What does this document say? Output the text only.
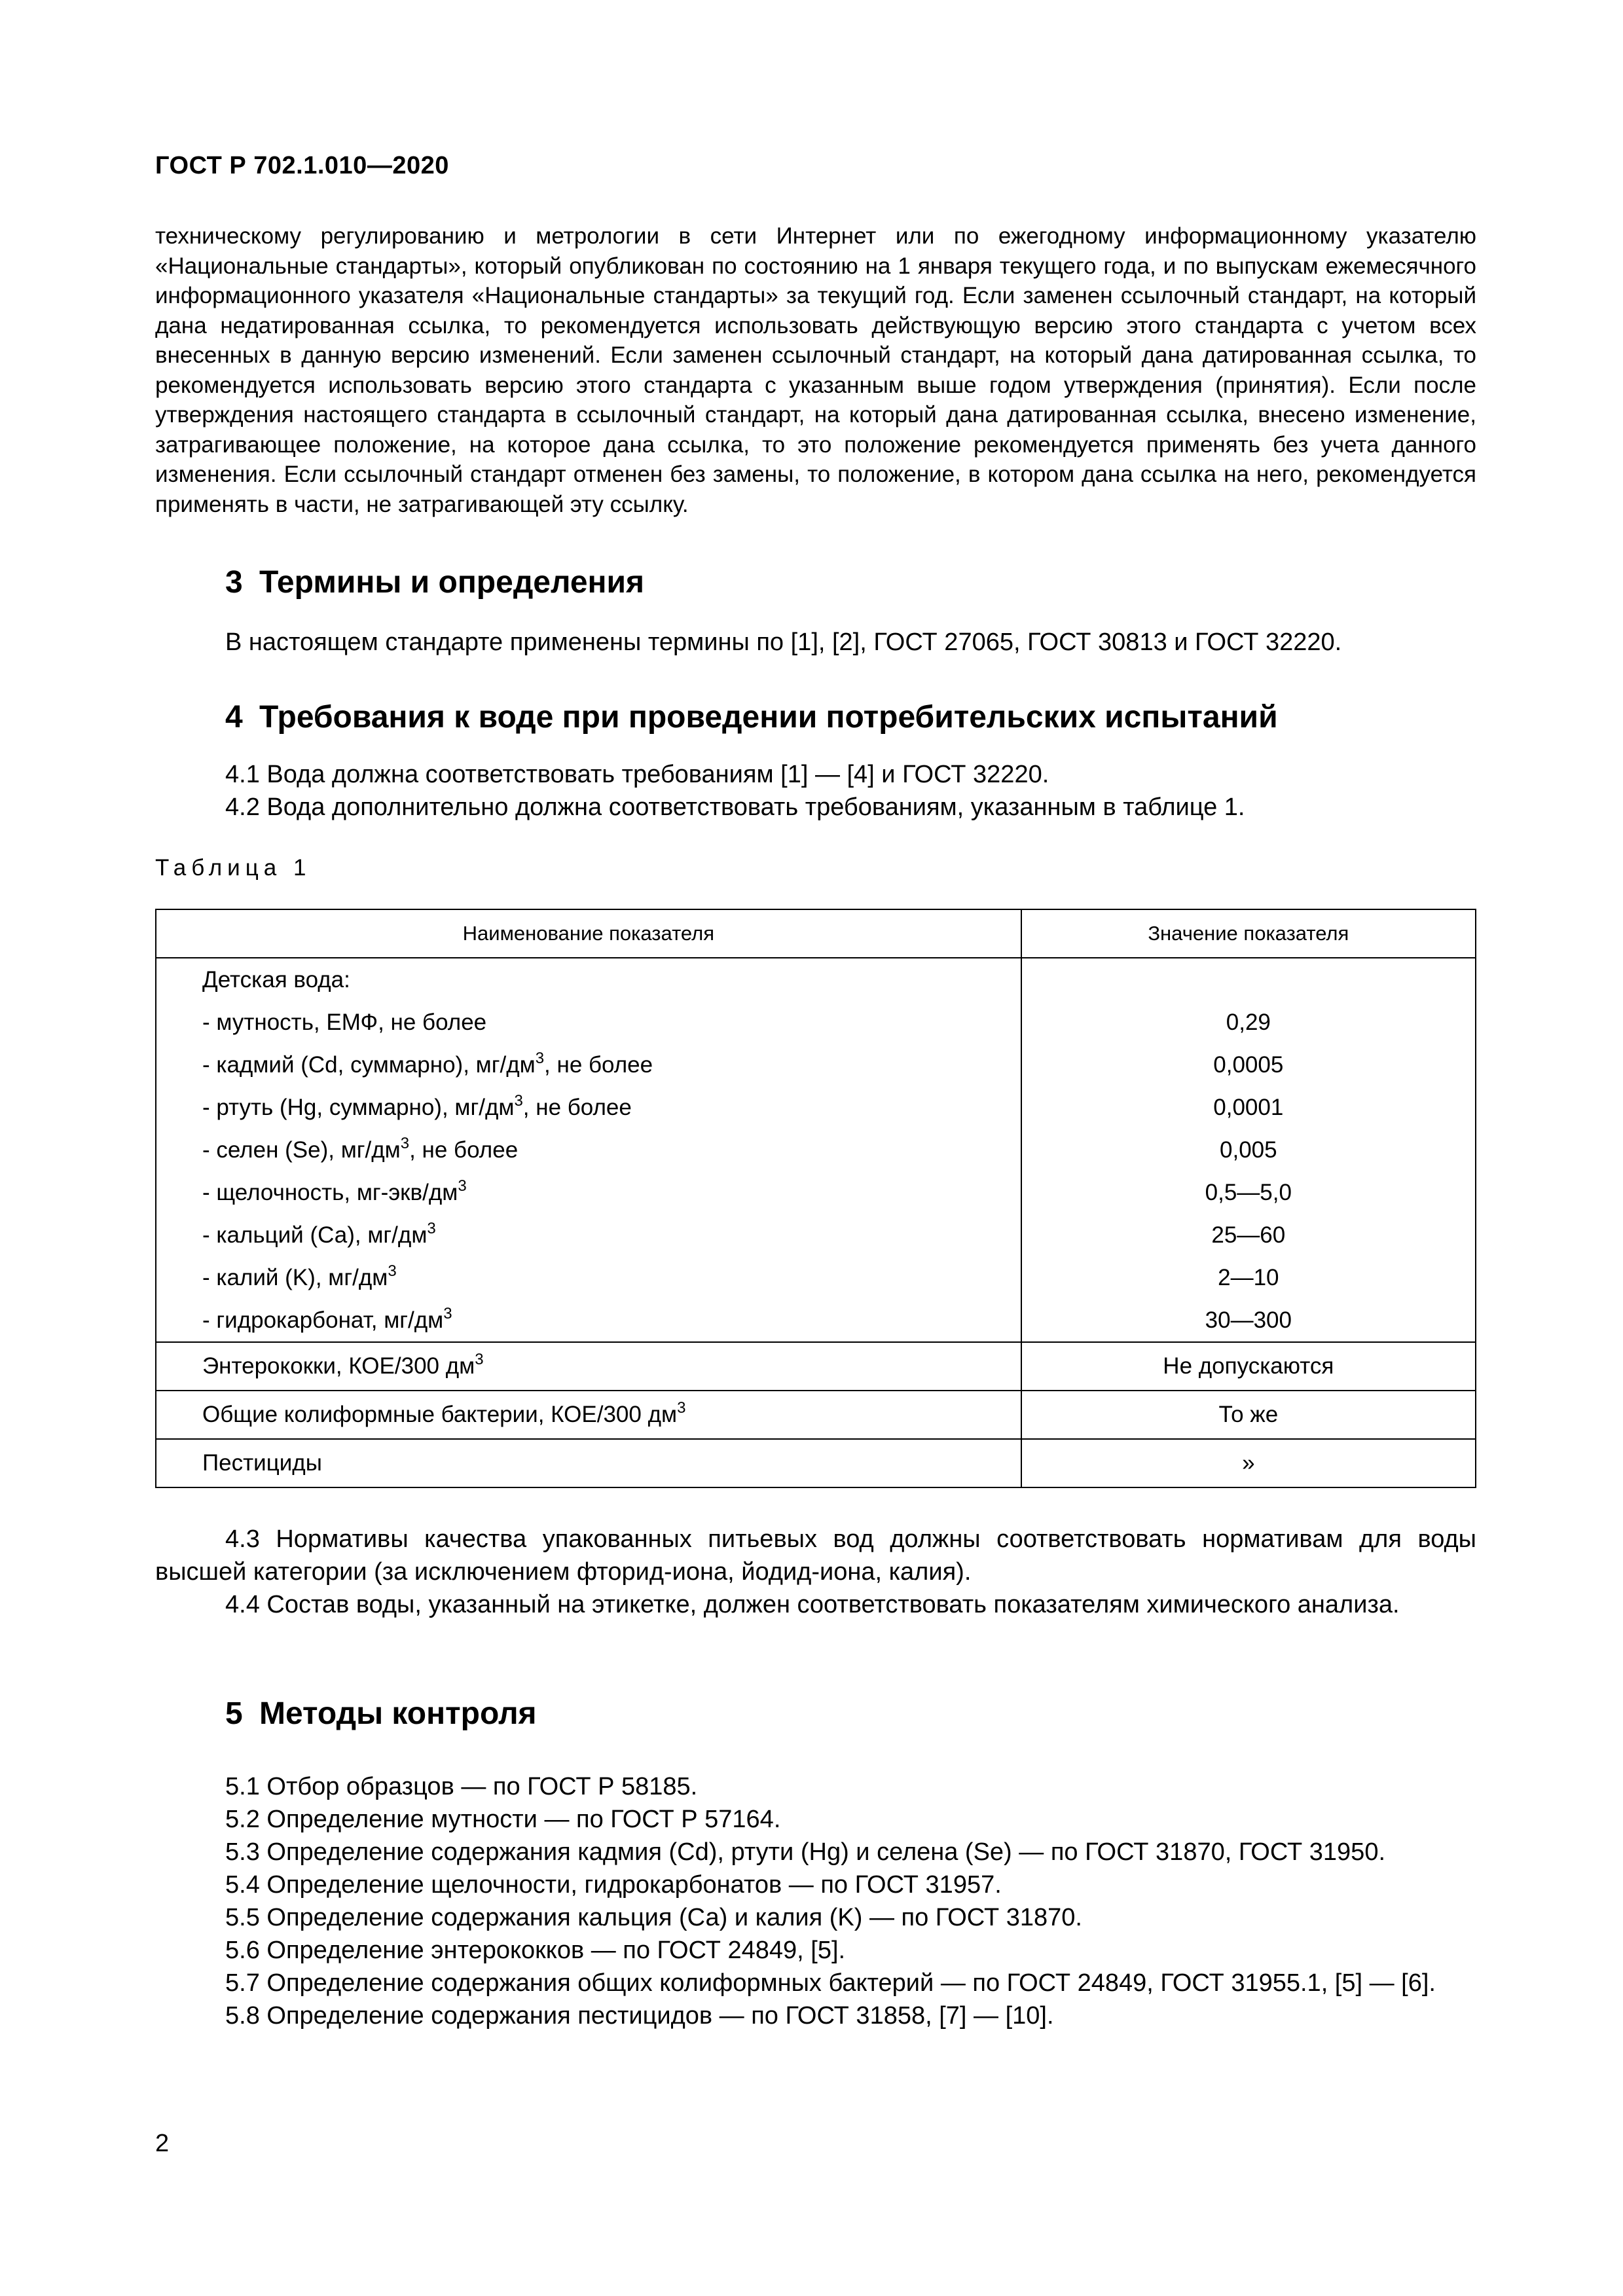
ГОСТ Р 702.1.010—2020

техническому регулированию и метрологии в сети Интернет или по ежегодному информационному указателю «Национальные стандарты», который опубликован по состоянию на 1 января текущего года, и по выпускам ежемесячного информационного указателя «Национальные стандарты» за текущий год. Если заменен ссылочный стандарт, на который дана недатированная ссылка, то рекомендуется использовать действующую версию этого стандарта с учетом всех внесенных в данную версию изменений. Если заменен ссылочный стандарт, на который дана датированная ссылка, то рекомендуется использовать версию этого стандарта с указанным выше годом утверждения (принятия). Если после утверждения настоящего стандарта в ссылочный стандарт, на который дана датированная ссылка, внесено изменение, затрагивающее положение, на которое дана ссылка, то это положение рекомендуется применять без учета данного изменения. Если ссылочный стандарт отменен без замены, то положение, в котором дана ссылка на него, рекомендуется применять в части, не затрагивающей эту ссылку.

3 Термины и определения

В настоящем стандарте применены термины по [1], [2], ГОСТ 27065, ГОСТ 30813 и ГОСТ 32220.

4 Требования к воде при проведении потребительских испытаний

4.1 Вода должна соответствовать требованиям [1] — [4] и ГОСТ 32220.

4.2 Вода дополнительно должна соответствовать требованиям, указанным в таблице 1.

Таблица 1
Наименование показателя	Значение показателя
Детская вода:	
- мутность, ЕМФ, не более	0,29
- кадмий (Cd, суммарно), $мг/дм^3$, не более	0,0005
- ртуть (Hg, суммарно), $мг/дм^3$, не более	0,0001
- селен (Se), $мг/дм^3$, не более	0,005
- щелочность, $мг-экв/дм^3$	0,5—5,0
- кальций (Са), $мг/дм^3$	25—60
- калий (K), $мг/дм^3$	2—10
- гидрокарбонат, $мг/дм^3$	30—300
Энтерококки, КОЕ/300 $дм^3$	Не допускаются
Общие колиформные бактерии, КОЕ/300 $дм^3$	То же
Пестициды	»

4.3 Нормативы качества упакованных питьевых вод должны соответствовать нормативам для воды высшей категории (за исключением фторид-иона, йодид-иона, калия).

4.4 Состав воды, указанный на этикетке, должен соответствовать показателям химического анализа.

5 Методы контроля
5.1 Отбор образцов — по ГОСТ Р 58185.
5.2 Определение мутности — по ГОСТ Р 57164.
5.3 Определение содержания кадмия (Cd), ртути (Hg) и селена (Se) — по ГОСТ 31870, ГОСТ 31950.
5.4 Определение щелочности, гидрокарбонатов — по ГОСТ 31957.
5.5 Определение содержания кальция (Са) и калия (K) — по ГОСТ 31870.
5.6 Определение энтерококков — по ГОСТ 24849, [5].
5.7 Определение содержания общих колиформных бактерий — по ГОСТ 24849, ГОСТ 31955.1, [5] — [6].
5.8 Определение содержания пестицидов — по ГОСТ 31858, [7] — [10].
2
